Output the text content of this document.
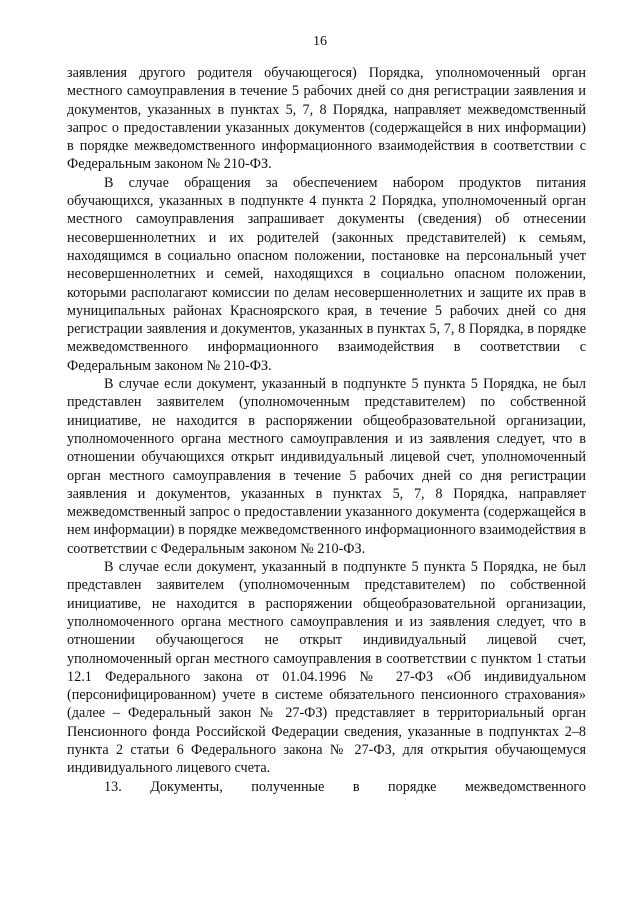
16

заявления другого родителя обучающегося) Порядка, уполномоченный орган местного самоуправления в течение 5 рабочих дней со дня регистрации заявления и документов, указанных в пунктах 5, 7, 8 Порядка, направляет межведомственный запрос о предоставлении указанных документов (содержащейся в них информации) в порядке межведомственного информационного взаимодействия в соответствии с Федеральным законом № 210-ФЗ.

В случае обращения за обеспечением набором продуктов питания обучающихся, указанных в подпункте 4 пункта 2 Порядка, уполномоченный орган местного самоуправления запрашивает документы (сведения) об отнесении несовершеннолетних и их родителей (законных представителей) к семьям, находящимся в социально опасном положении, постановке на персональный учет несовершеннолетних и семей, находящихся в социально опасном положении, которыми располагают комиссии по делам несовершеннолетних и защите их прав в муниципальных районах Красноярского края, в течение 5 рабочих дней со дня регистрации заявления и документов, указанных в пунктах 5, 7, 8 Порядка, в порядке межведомственного информационного взаимодействия в соответствии с Федеральным законом № 210-ФЗ.

В случае если документ, указанный в подпункте 5 пункта 5 Порядка, не был представлен заявителем (уполномоченным представителем) по собственной инициативе, не находится в распоряжении общеобразовательной организации, уполномоченного органа местного самоуправления и из заявления следует, что в отношении обучающихся открыт индивидуальный лицевой счет, уполномоченный орган местного самоуправления в течение 5 рабочих дней со дня регистрации заявления и документов, указанных в пунктах 5, 7, 8 Порядка, направляет межведомственный запрос о предоставлении указанного документа (содержащейся в нем информации) в порядке межведомственного информационного взаимодействия в соответствии с Федеральным законом № 210-ФЗ.

В случае если документ, указанный в подпункте 5 пункта 5 Порядка, не был представлен заявителем (уполномоченным представителем) по собственной инициативе, не находится в распоряжении общеобразовательной организации, уполномоченного органа местного самоуправления и из заявления следует, что в отношении обучающегося не открыт индивидуальный лицевой счет, уполномоченный орган местного самоуправления в соответствии с пунктом 1 статьи 12.1 Федерального закона от 01.04.1996 № 27-ФЗ «Об индивидуальном (персонифицированном) учете в системе обязательного пенсионного страхования» (далее – Федеральный закон № 27-ФЗ) представляет в территориальный орган Пенсионного фонда Российской Федерации сведения, указанные в подпунктах 2–8 пункта 2 статьи 6 Федерального закона № 27-ФЗ, для открытия обучающемуся индивидуального лицевого счета.

13. Документы, полученные в порядке межведомственного
